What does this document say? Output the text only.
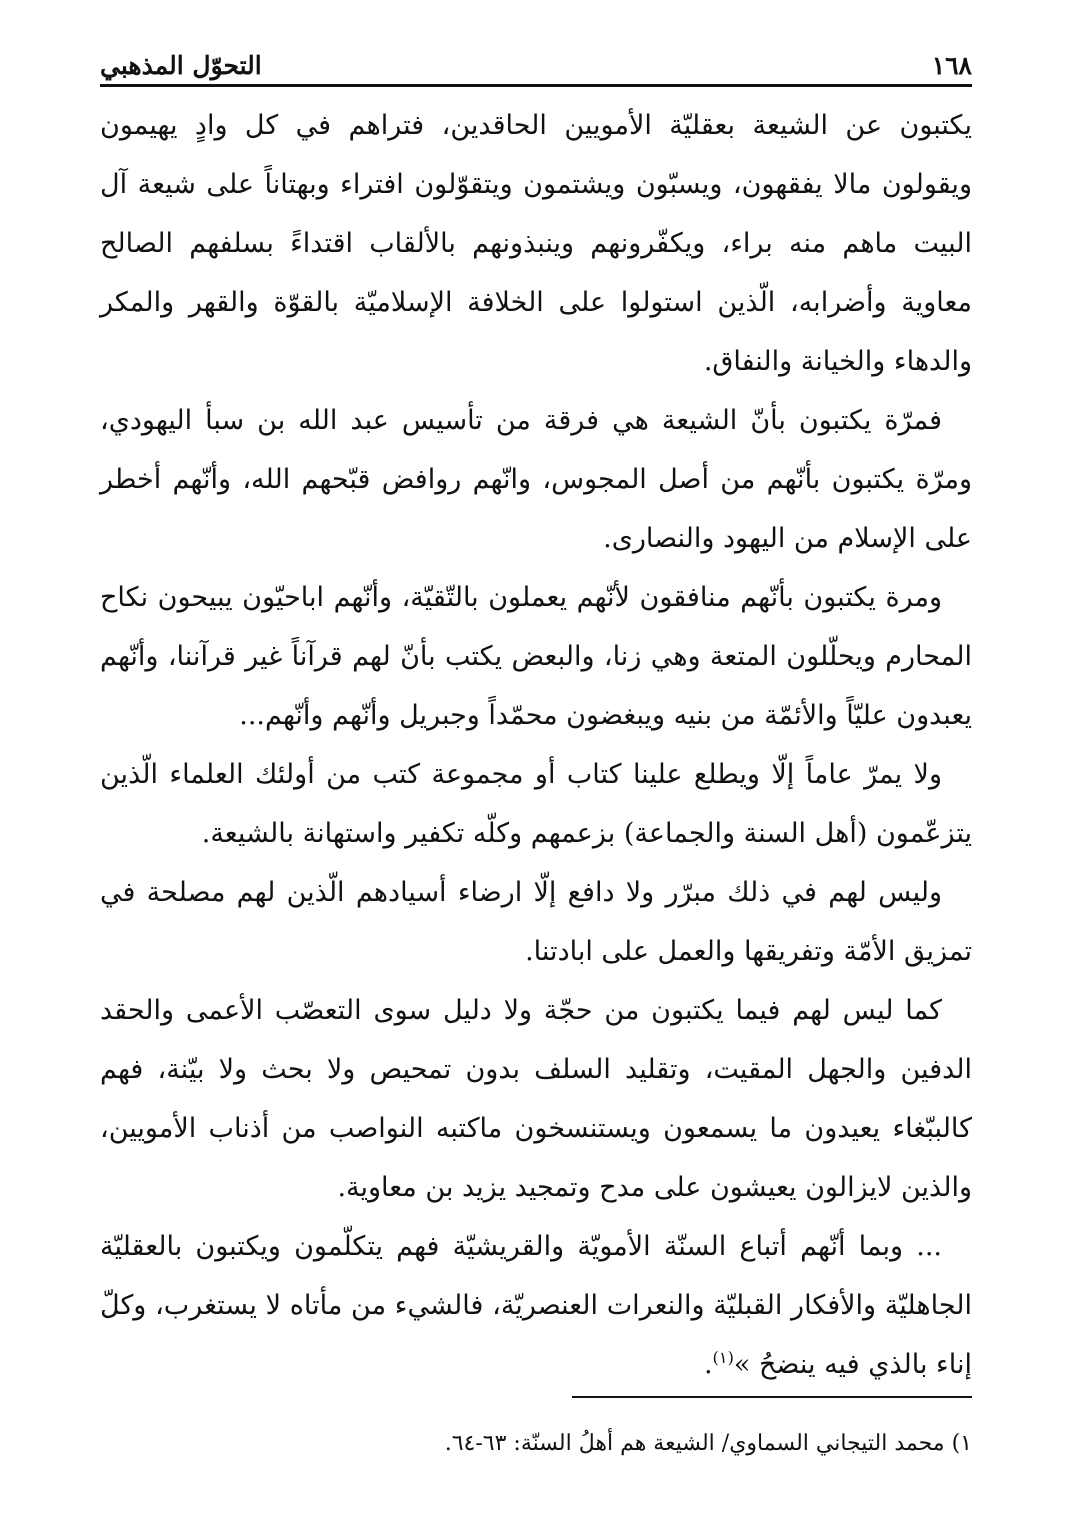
١٦٨
التحوّل المذهبي

يكتبون عن الشيعة بعقليّة الأمويين الحاقدين، فتراهم في كل وادٍ يهيمون ويقولون مالا يفقهون، ويسبّون ويشتمون ويتقوّلون افتراء وبهتاناً على شيعة آل البيت ماهم منه براء، ويكفّرونهم وينبذونهم بالألقاب اقتداءً بسلفهم الصالح معاوية وأضرابه، الّذين استولوا على الخلافة الإسلاميّة بالقوّة والقهر والمكر والدهاء والخيانة والنفاق.

فمرّة يكتبون بأنّ الشيعة هي فرقة من تأسيس عبد الله بن سبأ اليهودي، ومرّة يكتبون بأنّهم من أصل المجوس، وانّهم روافض قبّحهم الله، وأنّهم أخطر على الإسلام من اليهود والنصارى.

ومرة يكتبون بأنّهم منافقون لأنّهم يعملون بالتّقيّة، وأنّهم اباحيّون يبيحون نكاح المحارم ويحلّلون المتعة وهي زنا، والبعض يكتب بأنّ لهم قرآناً غير قرآننا، وأنّهم يعبدون عليّاً والأئمّة من بنيه ويبغضون محمّداً وجبريل وأنّهم وأنّهم...

ولا يمرّ عاماً إلّا ويطلع علينا كتاب أو مجموعة كتب من أولئك العلماء الّذين يتزعّمون (أهل السنة والجماعة) بزعمهم وكلّه تكفير واستهانة بالشيعة.

وليس لهم في ذلك مبرّر ولا دافع إلّا ارضاء أسيادهم الّذين لهم مصلحة في تمزيق الأمّة وتفريقها والعمل على ابادتنا.

كما ليس لهم فيما يكتبون من حجّة ولا دليل سوى التعصّب الأعمى والحقد الدفين والجهل المقيت، وتقليد السلف بدون تمحيص ولا بحث ولا بيّنة، فهم كالببّغاء يعيدون ما يسمعون ويستنسخون ماكتبه النواصب من أذناب الأمويين، والذين لايزالون يعيشون على مدح وتمجيد يزيد بن معاوية.

... وبما أنّهم أتباع السنّة الأمويّة والقريشيّة فهم يتكلّمون ويكتبون بالعقليّة الجاهليّة والأفكار القبليّة والنعرات العنصريّة، فالشيء من مأتاه لا يستغرب، وكلّ إناء بالذي فيه ينضحُ »$^{(١)}$.

١) محمد التيجاني السماوي/ الشيعة هم أهلُ السنّة: ٦٣-٦٤.
